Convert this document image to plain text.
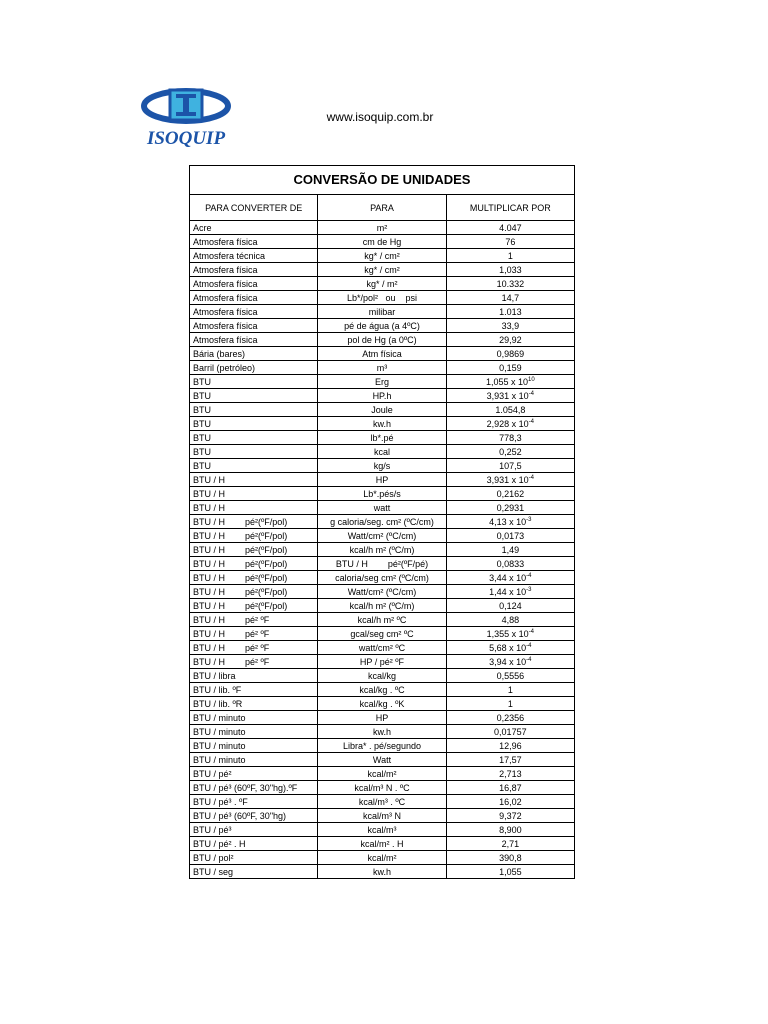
ISOQUIP
www.isoquip.com.br
CONVERSÃO DE UNIDADES		
PARA CONVERTER DE	PARA	MULTIPLICAR POR
Acre	m²	4.047
Atmosfera física	cm de Hg	76
Atmosfera técnica	kg* / cm²	1
Atmosfera física	kg* / cm²	1,033
Atmosfera física	kg* / m²	10.332
Atmosfera física	Lb*/pol²   ou    psi	14,7
Atmosfera física	milibar	1.013
Atmosfera física	pé de água (a 4ºC)	33,9
Atmosfera física	pol de Hg (a 0ºC)	29,92
Bária (bares)	Atm física	0,9869
Barril (petróleo)	m³	0,159
BTU	Erg	1,055 x $10^{10}$
BTU	HP.h	3,931 x $10^{-4}$
BTU	Joule	1.054,8
BTU	kw.h	2,928 x $10^{-4}$
BTU	lb*.pé	778,3
BTU	kcal	0,252
BTU	kg/s	107,5
BTU / H	HP	3,931 x $10^{-4}$
BTU / H	Lb*.pés/s	0,2162
BTU / H	watt	0,2931
BTU / H        pé²(ºF/pol)	g caloria/seg. cm² (ºC/cm)	4,13 x $10^{-3}$
BTU / H        pé²(ºF/pol)	Watt/cm² (ºC/cm)	0,0173
BTU / H        pé²(ºF/pol)	kcal/h m² (ºC/m)	1,49
BTU / H        pé²(ºF/pol)	BTU / H        pé²(ºF/pé)	0,0833
BTU / H        pé²(ºF/pol)	caloria/seg cm² (ºC/cm)	3,44 x $10^{-4}$
BTU / H        pé²(ºF/pol)	Watt/cm² (ºC/cm)	1,44 x $10^{-3}$
BTU / H        pé²(ºF/pol)	kcal/h m² (ºC/m)	0,124
BTU / H        pé² ºF	kcal/h m² ºC	4,88
BTU / H        pé² ºF	gcal/seg cm² ºC	1,355 x $10^{-4}$
BTU / H        pé² ºF	watt/cm² ºC	5,68 x $10^{-4}$
BTU / H        pé² ºF	HP / pé² ºF	3,94 x $10^{-4}$
BTU / libra	kcal/kg	0,5556
BTU / lib. ºF	kcal/kg . ºC	1
BTU / lib. ºR	kcal/kg . ºK	1
BTU / minuto	HP	0,2356
BTU / minuto	kw.h	0,01757
BTU / minuto	Libra* . pé/segundo	12,96
BTU / minuto	Watt	17,57
BTU / pé²	kcal/m²	2,713
BTU / pé³ (60ºF, 30"hg).ºF	kcal/m³ N . ºC	16,87
BTU / pé³ . ºF	kcal/m³ . ºC	16,02
BTU / pé³ (60ºF, 30"hg)	kcal/m³ N	9,372
BTU / pé³	kcal/m³	8,900
BTU / pé² . H	kcal/m² . H	2,71
BTU / pol²	kcal/m²	390,8
BTU / seg	kw.h	1,055
